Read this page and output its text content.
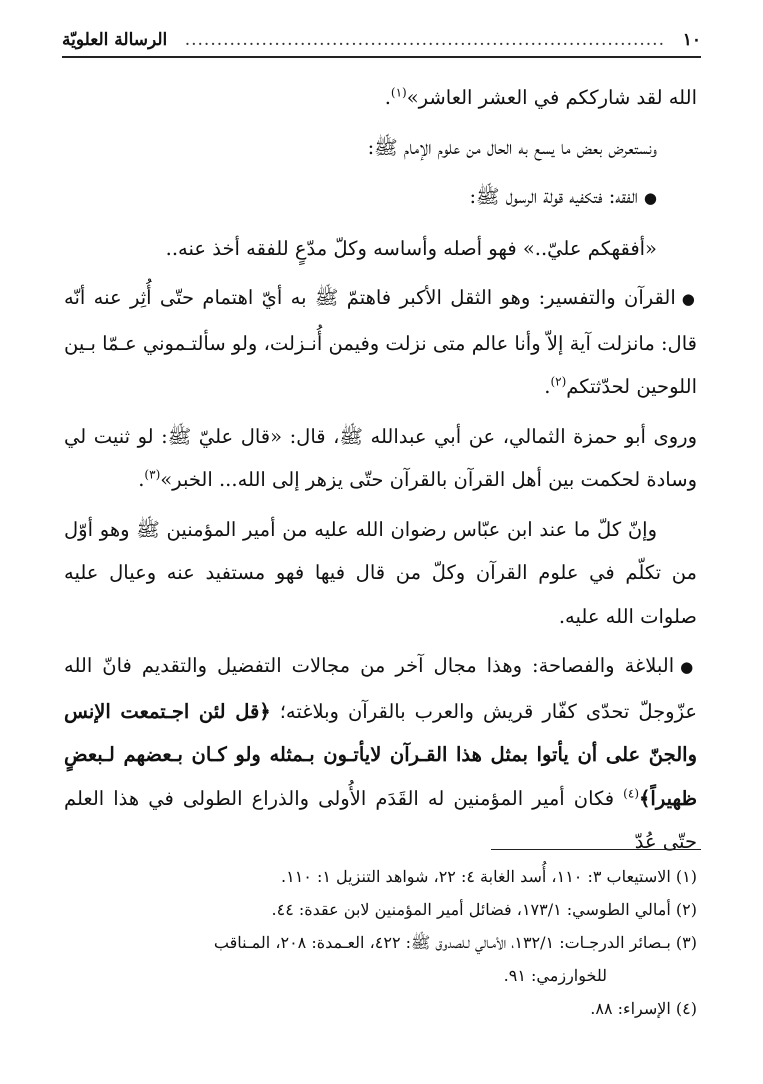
١٠
...........................................................................
الرسالة العلويّة

الله لقد شارككم في العشر العاشر»$^{(١)}$.

ونستعرض بعض ما يسع به الحال من علوم الإمام ﷺ:

●الفقه: فتكفيه قولة الرسول ﷺ:

«أفقهكم عليّ..» فهو أصله وأساسه وكلّ مدّعٍ للفقه أخذ عنه..

●القرآن والتفسير: وهو الثقل الأكبر فاهتمّ ﷺ به أيّ اهتمام حتّى أُثِر عنه أنّه قال: مانزلت آية إلاّ وأنا عالم متى نزلت وفيمن أُنـزلت، ولو سألتـموني عـمّا بـين اللوحين لحدّثتكم$^{(٢)}$.

وروى أبو حمزة الثمالي، عن أبي عبدالله ﷺ، قال: «قال عليّ ﷺ: لو ثنيت لي وسادة لحكمت بين أهل القرآن بالقرآن حتّى يزهر إلى الله... الخبر»$^{(٣)}$.

وإنّ كلّ ما عند ابن عبّاس رضوان الله عليه من أمير المؤمنين ﷺ وهو أوّل من تكلّم في علوم القرآن وكلّ من قال فيها فهو مستفيد عنه وعيال عليه صلوات الله عليه.

●البلاغة والفصاحة: وهذا مجال آخر من مجالات التفضيل والتقديم فانّ الله عزّوجلّ تحدّى كفّار قريش والعرب بالقرآن وبلاغته؛ ﴿قل لئن اجـتمعت الإنس والجنّ على أن يأتوا بمثل هذا القـرآن لايأتـون بـمثله ولو كـان بـعضهم لـبعضٍ ظهيراً﴾$^{(٤)}$ فكان أمير المؤمنين له القَدَم الأُولى والذراع الطولى في هذا العلم حتّى عُدّ

(١) الاستيعاب ٣: ١١٠، أُسد الغابة ٤: ٢٢، شواهد التنزيل ١: ١١٠.

(٢) أمالي الطوسي: ١٧٣/١، فضائل أمير المؤمنين لابن عقدة: ٤٤.

(٣) بـصائر الدرجـات: ١٣٢/١، الأمـالي لـلصدوق ﷺ: ٤٢٢، العـمدة: ٢٠٨، المـناقب

للخوارزمي: ٩١.

(٤) الإسراء: ٨٨.
